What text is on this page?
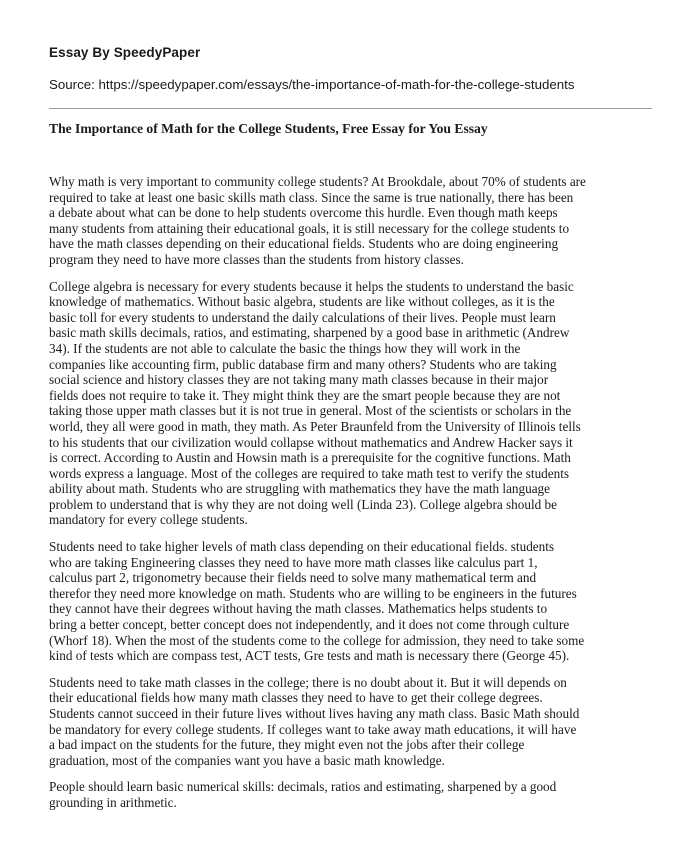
Essay By SpeedyPaper
Source: https://speedypaper.com/essays/the-importance-of-math-for-the-college-students
The Importance of Math for the College Students, Free Essay for You Essay

Why math is very important to community college students? At Brookdale, about 70% of students are
required to take at least one basic skills math class. Since the same is true nationally, there has been
a debate about what can be done to help students overcome this hurdle. Even though math keeps
many students from attaining their educational goals, it is still necessary for the college students to
have the math classes depending on their educational fields. Students who are doing engineering
program they need to have more classes than the students from history classes.

College algebra is necessary for every students because it helps the students to understand the basic
knowledge of mathematics. Without basic algebra, students are like without colleges, as it is the
basic toll for every students to understand the daily calculations of their lives. People must learn
basic math skills decimals, ratios, and estimating, sharpened by a good base in arithmetic (Andrew
34). If the students are not able to calculate the basic the things how they will work in the
companies like accounting firm, public database firm and many others? Students who are taking
social science and history classes they are not taking many math classes because in their major
fields does not require to take it. They might think they are the smart people because they are not
taking those upper math classes but it is not true in general. Most of the scientists or scholars in the
world, they all were good in math, they math. As Peter Braunfeld from the University of Illinois tells
to his students that our civilization would collapse without mathematics and Andrew Hacker says it
is correct. According to Austin and Howsin math is a prerequisite for the cognitive functions. Math
words express a language. Most of the colleges are required to take math test to verify the students
ability about math. Students who are struggling with mathematics they have the math language
problem to understand that is why they are not doing well (Linda 23). College algebra should be
mandatory for every college students.

Students need to take higher levels of math class depending on their educational fields. students
who are taking Engineering classes they need to have more math classes like calculus part 1,
calculus part 2, trigonometry because their fields need to solve many mathematical term and
therefor they need more knowledge on math. Students who are willing to be engineers in the futures
they cannot have their degrees without having the math classes. Mathematics helps students to
bring a better concept, better concept does not independently, and it does not come through culture
(Whorf 18). When the most of the students come to the college for admission, they need to take some
kind of tests which are compass test, ACT tests, Gre tests and math is necessary there (George 45).

Students need to take math classes in the college; there is no doubt about it. But it will depends on
their educational fields how many math classes they need to have to get their college degrees.
Students cannot succeed in their future lives without lives having any math class. Basic Math should
be mandatory for every college students. If colleges want to take away math educations, it will have
a bad impact on the students for the future, they might even not the jobs after their college
graduation, most of the companies want you have a basic math knowledge.

People should learn basic numerical skills: decimals, ratios and estimating, sharpened by a good
grounding in arithmetic.
